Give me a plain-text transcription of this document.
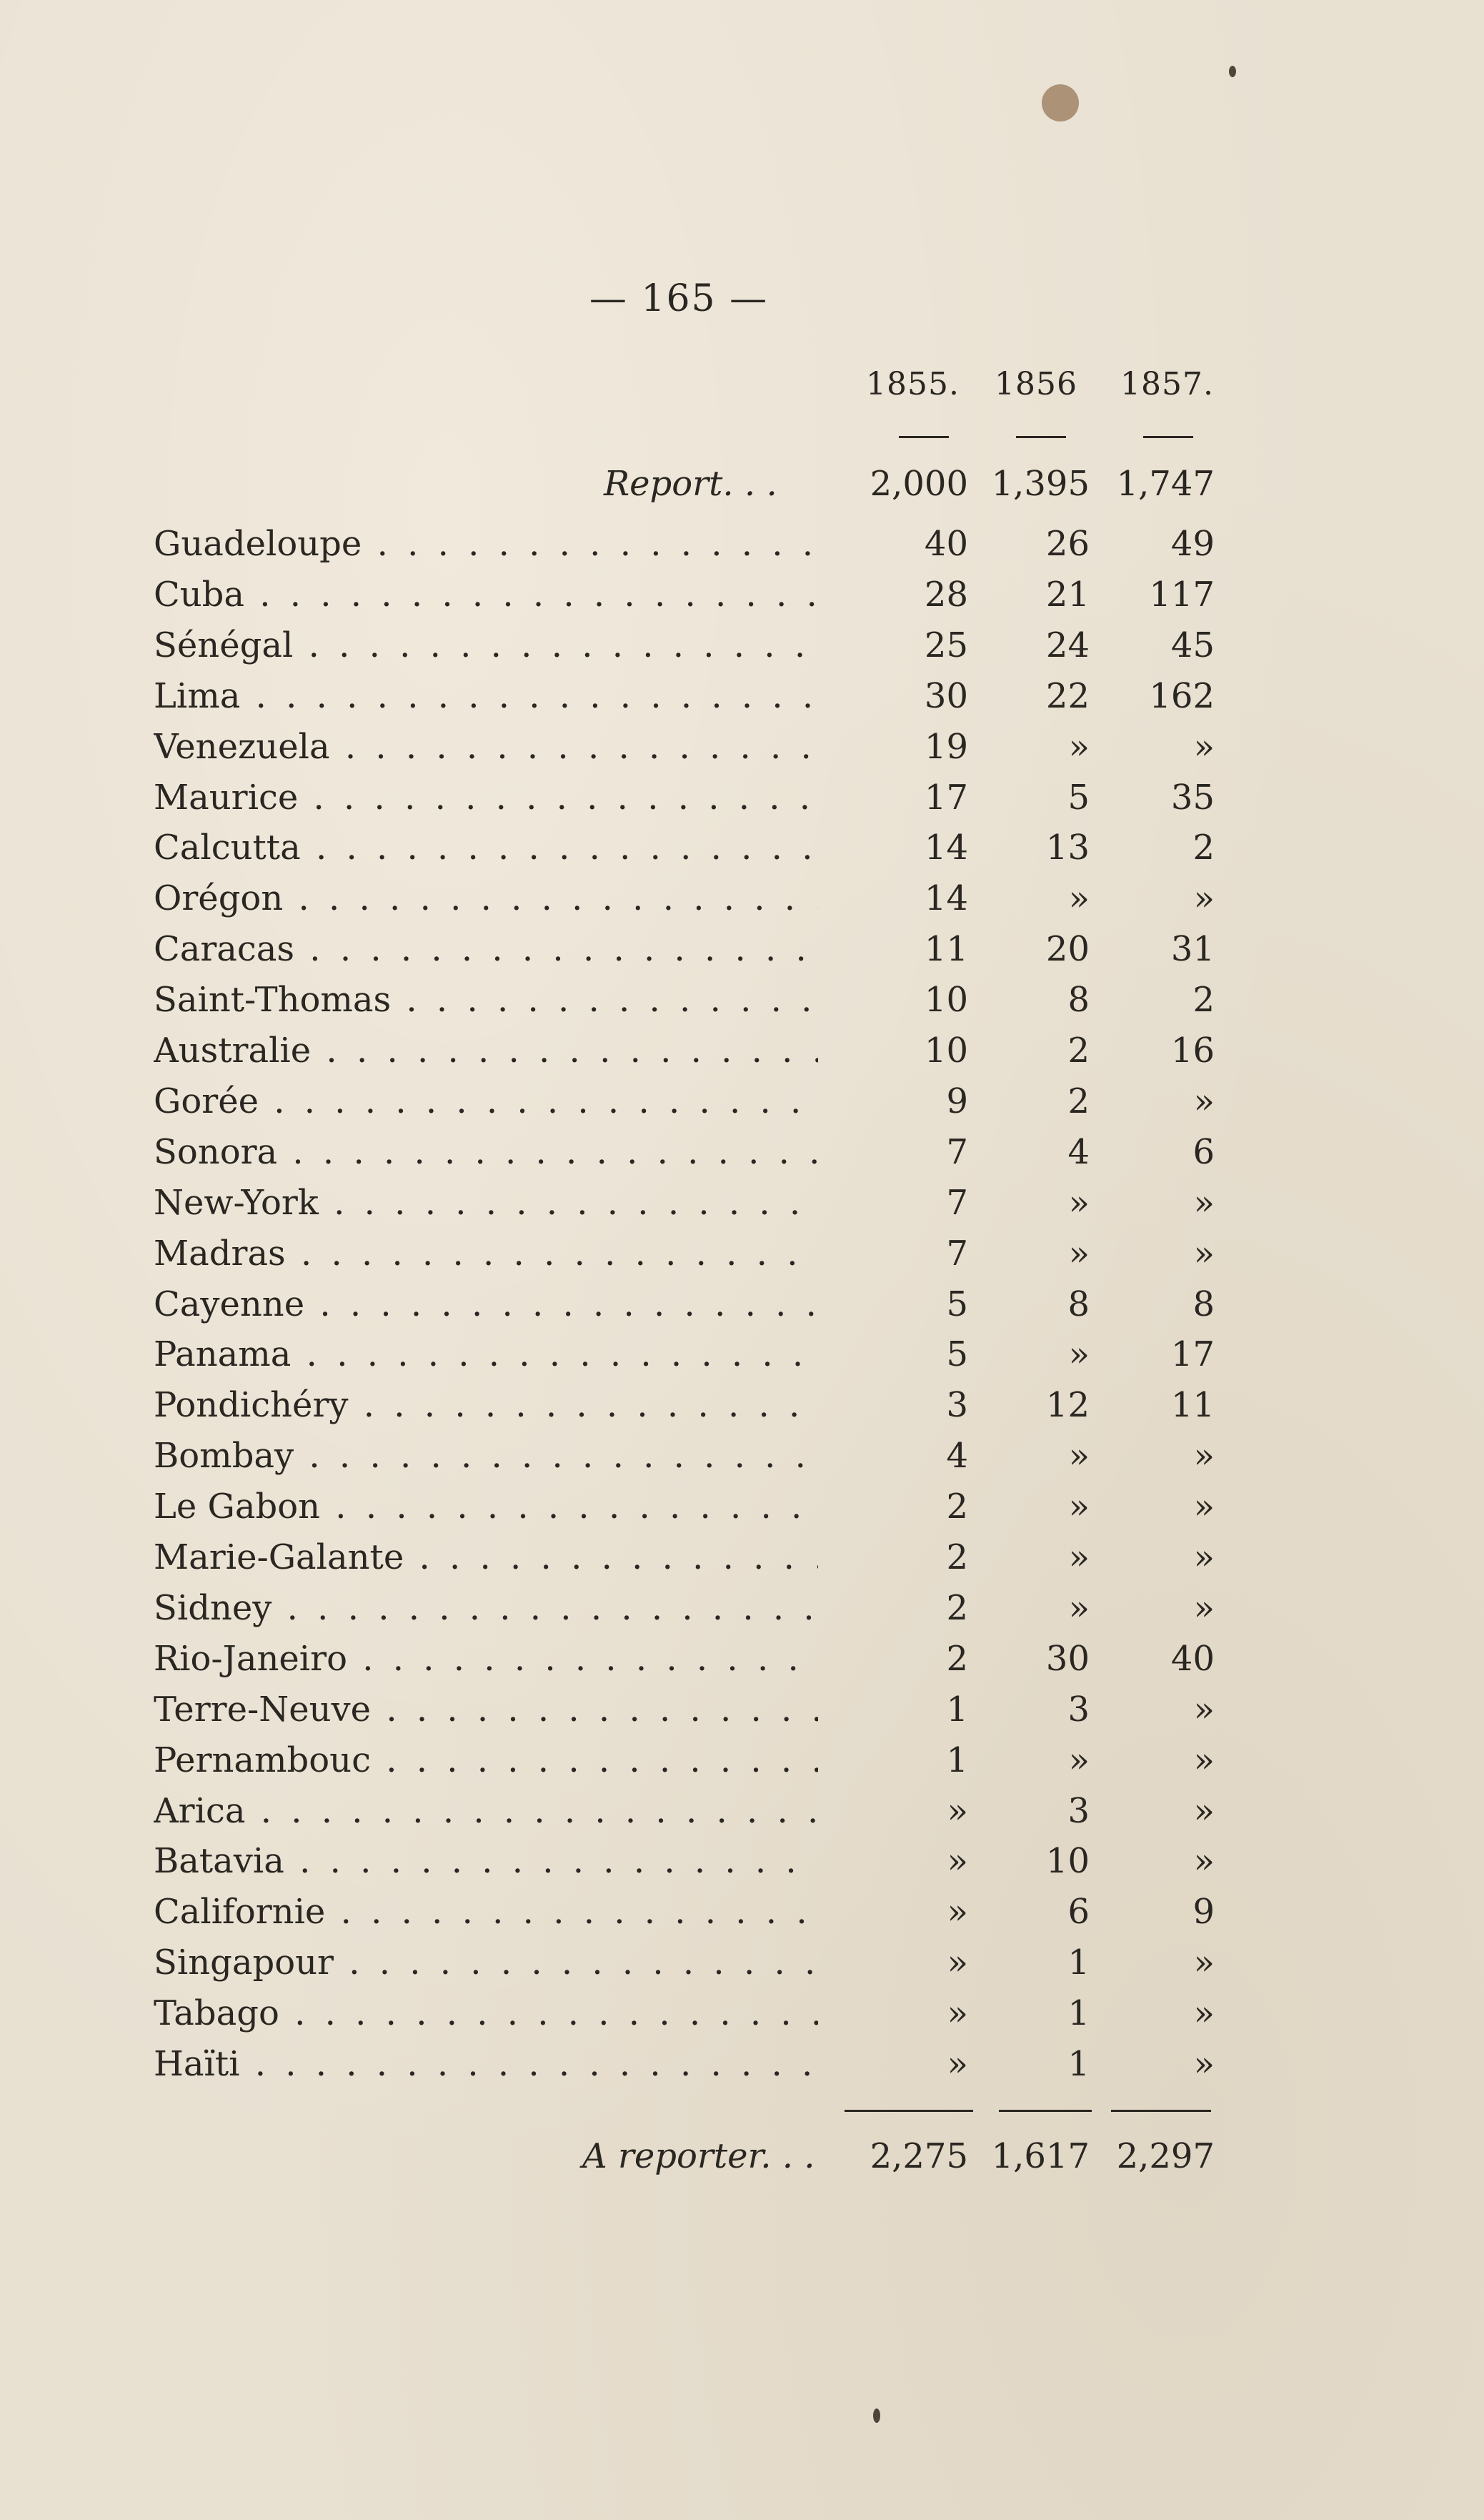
— 165 —
1855. 1856 1857.
Report. . .	2,000 1,395 1,747
Guadeloupe . . .	40	26	49
Cuba . . .	28	21	117
Sénégal . . .	25	24	45
Lima . . .	30	22	162
Venezuela . . .	19	»	»
Maurice . . .	17	5	35
Calcutta . . .	14	13	2
Orégon . . .	14	»	»
Caracas . . .	11	20	31
Saint-Thomas . . .	10	8	2
Australie . . .	10	2	16
Gorée . . .	9	2	»
Sonora . . .	7	4	6
New-York . . .	7	»	»
Madras . . .	7	»	»
Cayenne . . .	5	8	8
Panama . . .	5	»	17
Pondichéry . . .	3	12	11
Bombay . . .	4	»	»
Le Gabon . . .	2	»	»
Marie-Galante . . .	2	»	»
Sidney . . .	2	»	»
Rio-Janeiro . . .	2	30	40
Terre-Neuve . . .	1	3	»
Pernambouc . . .	1	»	»
Arica . . .	»	3	»
Batavia . . .	»	10	»
Californie . . .	»	6	9
Singapour . . .	»	1	»
Tabago . . .	»	1	»
Haïti . . .	»	1	»
A reporter. . . 2,275 1,617 2,297
